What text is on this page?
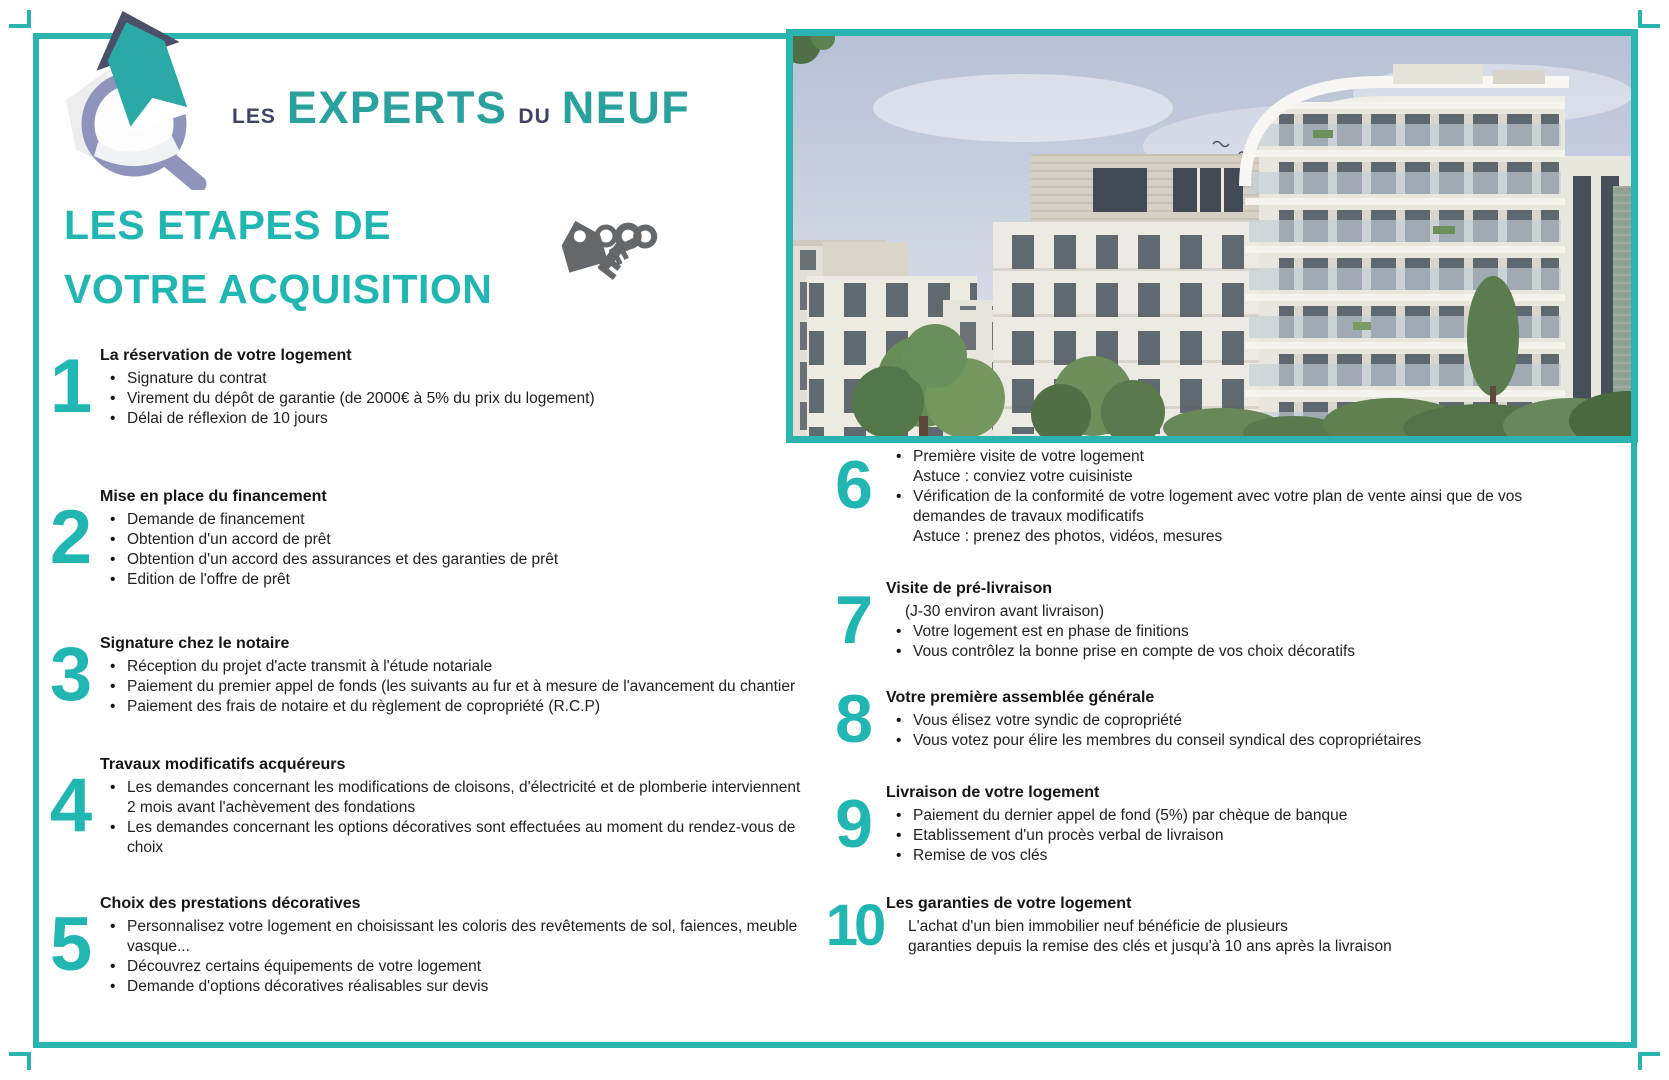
LES EXPERTS DU NEUF
LES ETAPES DE
VOTRE ACQUISITION
1 La réservation de votre logement
• Signature du contrat
• Virement du dépôt de garantie (de 2000€ à 5% du prix du logement)
• Délai de réflexion de 10 jours
2 Mise en place du financement
• Demande de financement
• Obtention d'un accord de prêt
• Obtention d'un accord des assurances et des garanties de prêt
• Edition de l'offre de prêt
3 Signature chez le notaire
• Réception du projet d'acte transmit à l'étude notariale
• Paiement du premier appel de fonds (les suivants au fur et à mesure de l'avancement du chantier
• Paiement des frais de notaire et du règlement de copropriété (R.C.P)
4 Travaux modificatifs acquéreurs
• Les demandes concernant les modifications de cloisons, d'électricité et de plomberie interviennent 2 mois avant l'achèvement des fondations
• Les demandes concernant les options décoratives sont effectuées au moment du rendez-vous de choix
5 Choix des prestations décoratives
• Personnalisez votre logement en choisissant les coloris des revêtements de sol, faiences, meuble vasque...
• Découvrez certains équipements de votre logement
• Demande d'options décoratives réalisables sur devis
6	• Première visite de votre logement
Astuce : conviez votre cuisiniste
• Vérification de la conformité de votre logement avec votre plan de vente ainsi que de vos demandes de travaux modificatifs
Astuce : prenez des photos, vidéos, mesures
7 Visite de pré-livraison
(J-30 environ avant livraison)
• Votre logement est en phase de finitions
• Vous contrôlez la bonne prise en compte de vos choix décoratifs
8 Votre première assemblée générale
• Vous élisez votre syndic de copropriété
• Vous votez pour élire les membres du conseil syndical des copropriétaires
9 Livraison de votre logement
• Paiement du dernier appel de fond (5%) par chèque de banque
• Etablissement d'un procès verbal de livraison
• Remise de vos clés
10 Les garanties de votre logement
L'achat d'un bien immobilier neuf bénéficie de plusieurs
garanties depuis la remise des clés et jusqu'à 10 ans après la livraison
